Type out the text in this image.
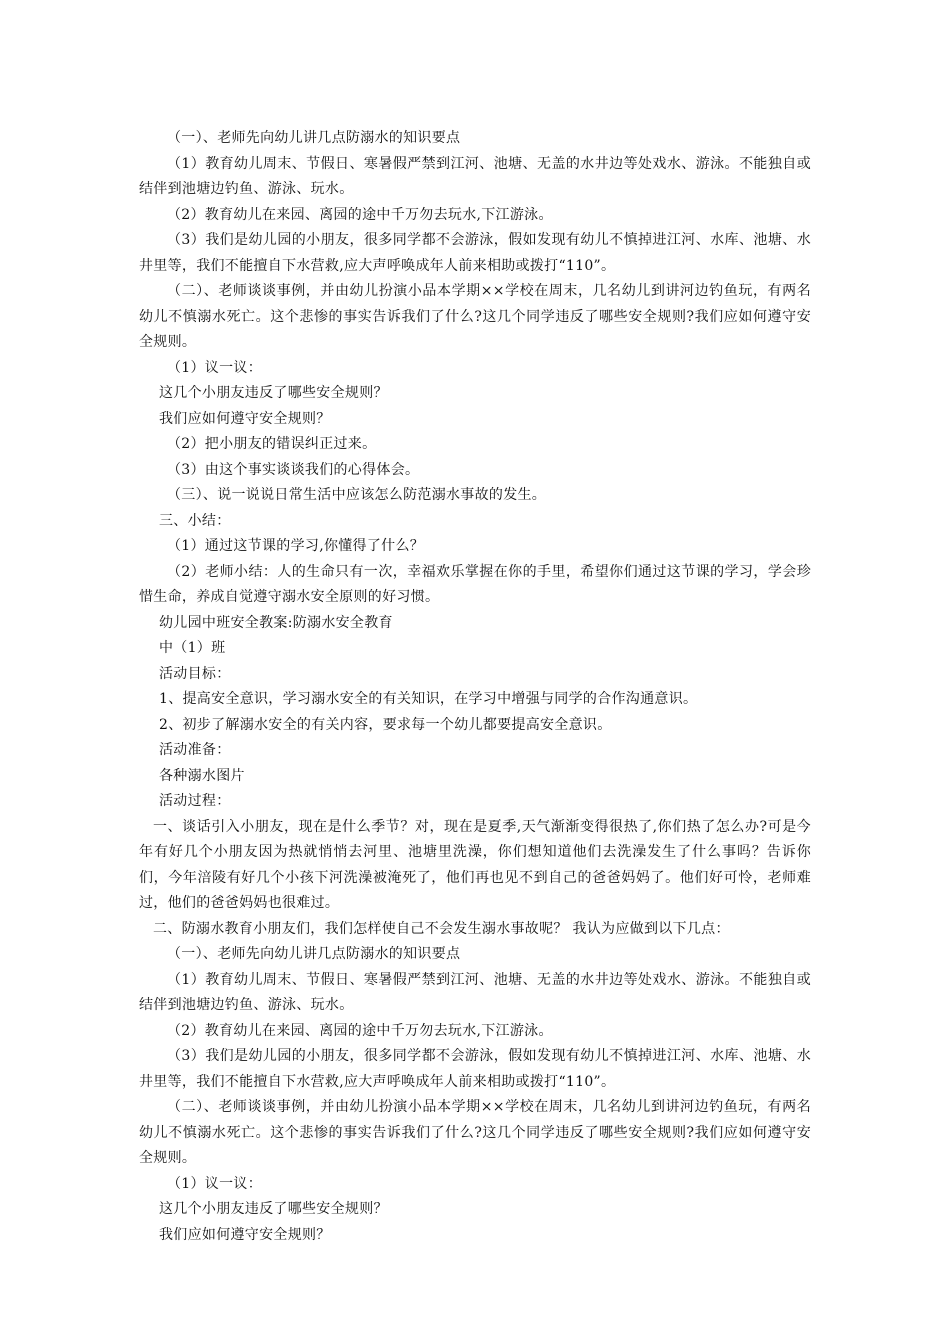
（一）、老师先向幼儿讲几点防溺水的知识要点

（1）教育幼儿周末、节假日、寒暑假严禁到江河、池塘、无盖的水井边等处戏水、游泳。不能独自或结伴到池塘边钓鱼、游泳、玩水。

（2）教育幼儿在来园、离园的途中千万勿去玩水,下江游泳。

（3）我们是幼儿园的小朋友，很多同学都不会游泳，假如发现有幼儿不慎掉进江河、水库、池塘、水井里等，我们不能擅自下水营救,应大声呼唤成年人前来相助或拨打“110”。

（二）、老师谈谈事例，并由幼儿扮演小品本学期××学校在周末，几名幼儿到讲河边钓鱼玩，有两名幼儿不慎溺水死亡。这个悲惨的事实告诉我们了什么?这几个同学违反了哪些安全规则?我们应如何遵守安全规则。

（1）议一议：

这几个小朋友违反了哪些安全规则？

我们应如何遵守安全规则？

（2）把小朋友的错误纠正过来。

（3）由这个事实谈谈我们的心得体会。

（三）、说一说说日常生活中应该怎么防范溺水事故的发生。

三、小结：

（1）通过这节课的学习,你懂得了什么？

（2）老师小结：人的生命只有一次，幸福欢乐掌握在你的手里，希望你们通过这节课的学习，学会珍惜生命，养成自觉遵守溺水安全原则的好习惯。

幼儿园中班安全教案:防溺水安全教育

中（1）班

活动目标：

1、提高安全意识，学习溺水安全的有关知识，在学习中增强与同学的合作沟通意识。

2、初步了解溺水安全的有关内容，要求每一个幼儿都要提高安全意识。

活动准备：

各种溺水图片

活动过程：

一、谈话引入小朋友，现在是什么季节？对，现在是夏季,天气渐渐变得很热了,你们热了怎么办?可是今年有好几个小朋友因为热就悄悄去河里、池塘里洗澡，你们想知道他们去洗澡发生了什么事吗？告诉你们，今年涪陵有好几个小孩下河洗澡被淹死了，他们再也见不到自己的爸爸妈妈了。他们好可怜，老师难过，他们的爸爸妈妈也很难过。

二、防溺水教育小朋友们，我们怎样使自己不会发生溺水事故呢？ 我认为应做到以下几点：

（一）、老师先向幼儿讲几点防溺水的知识要点

（1）教育幼儿周末、节假日、寒暑假严禁到江河、池塘、无盖的水井边等处戏水、游泳。不能独自或结伴到池塘边钓鱼、游泳、玩水。

（2）教育幼儿在来园、离园的途中千万勿去玩水,下江游泳。

（3）我们是幼儿园的小朋友，很多同学都不会游泳，假如发现有幼儿不慎掉进江河、水库、池塘、水井里等，我们不能擅自下水营救,应大声呼唤成年人前来相助或拨打“110”。

（二）、老师谈谈事例，并由幼儿扮演小品本学期××学校在周末，几名幼儿到讲河边钓鱼玩，有两名幼儿不慎溺水死亡。这个悲惨的事实告诉我们了什么?这几个同学违反了哪些安全规则?我们应如何遵守安全规则。

（1）议一议：

这几个小朋友违反了哪些安全规则？

我们应如何遵守安全规则？
